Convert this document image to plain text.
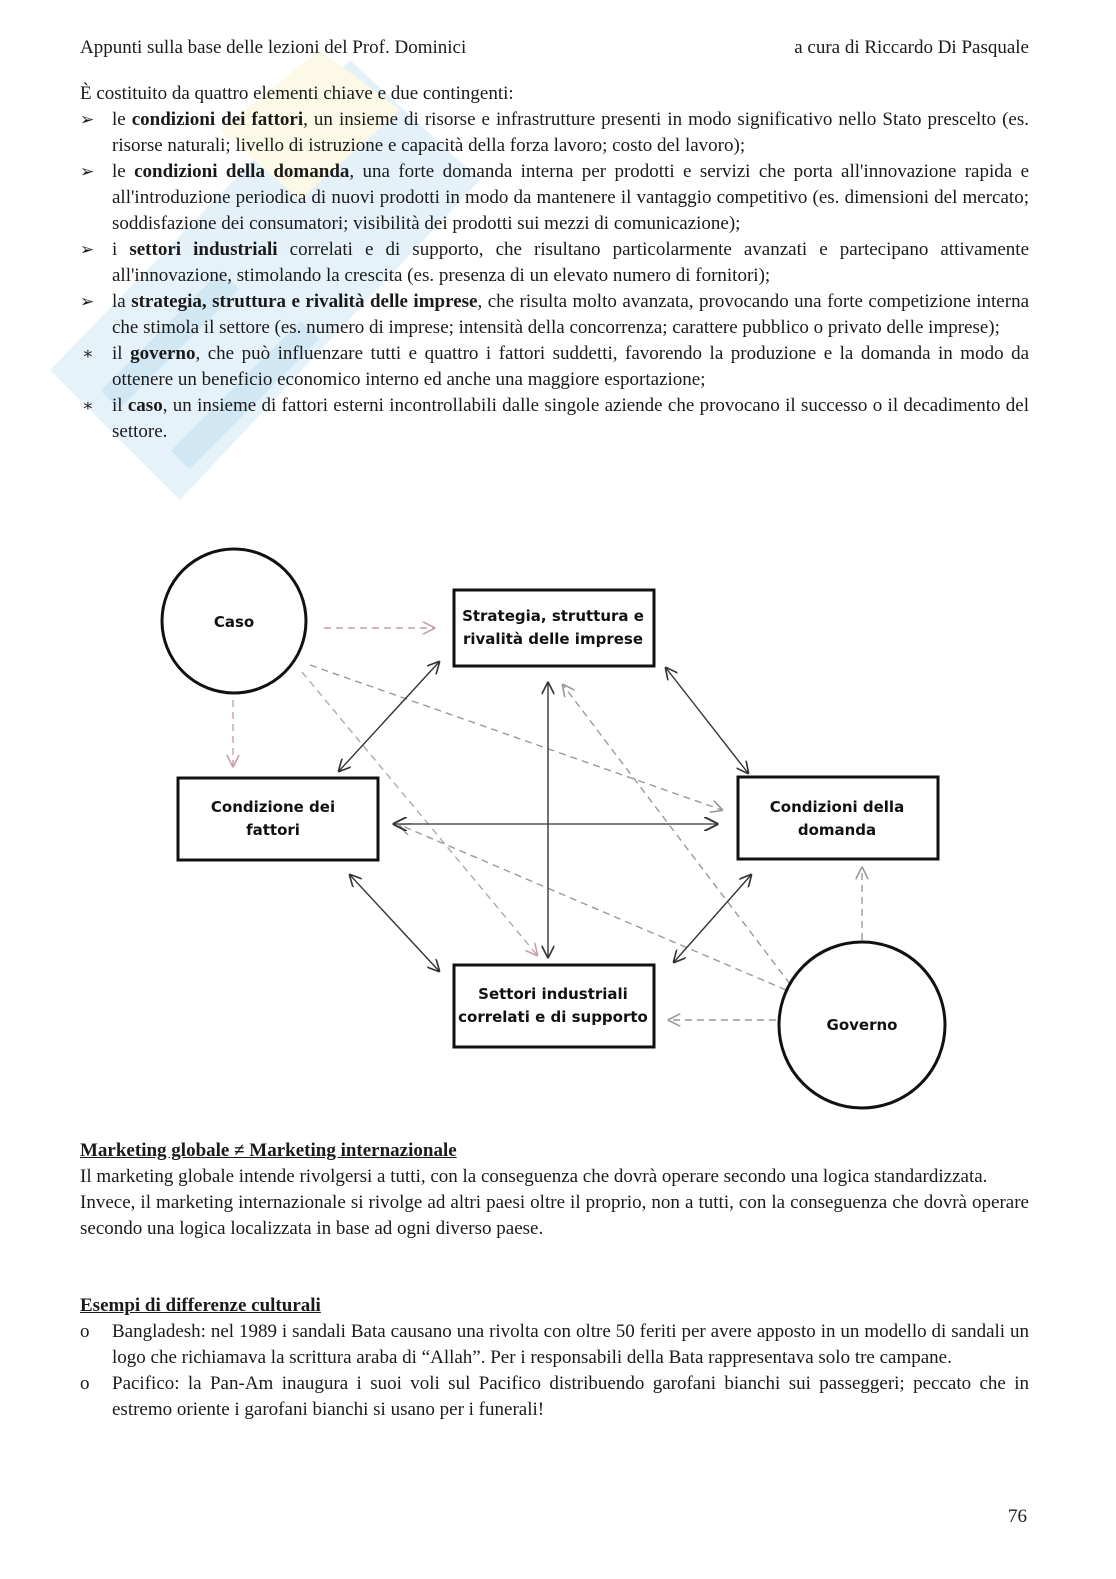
Appunti sulla base delle lezioni del Prof. Dominici	a cura di Riccardo Di Pasquale
È costituito da quattro elementi chiave e due contingenti:
➢ le condizioni dei fattori, un insieme di risorse e infrastrutture presenti in modo significativo nello Stato prescelto (es. risorse naturali; livello di istruzione e capacità della forza lavoro; costo del lavoro);
➢ le condizioni della domanda, una forte domanda interna per prodotti e servizi che porta all'innovazione rapida e all'introduzione periodica di nuovi prodotti in modo da mantenere il vantaggio competitivo (es. dimensioni del mercato; soddisfazione dei consumatori; visibilità dei prodotti sui mezzi di comunicazione);
➢ i settori industriali correlati e di supporto, che risultano particolarmente avanzati e partecipano attivamente all'innovazione, stimolando la crescita (es. presenza di un elevato numero di fornitori);
➢ la strategia, struttura e rivalità delle imprese, che risulta molto avanzata, provocando una forte competizione interna che stimola il settore (es. numero di imprese; intensità della concorrenza; carattere pubblico o privato delle imprese);
∗ il governo, che può influenzare tutti e quattro i fattori suddetti, favorendo la produzione e la domanda in modo da ottenere un beneficio economico interno ed anche una maggiore esportazione;
∗ il caso, un insieme di fattori esterni incontrollabili dalle singole aziende che provocano il successo o il decadimento del settore.
Caso	Strategia, struttura e
rivalità delle imprese
Condizione dei
fattori
Condizioni della
domanda
Settori industriali
correlati e di supporto	Governo
Marketing globale ≠ Marketing internazionale

Il marketing globale intende rivolgersi a tutti, con la conseguenza che dovrà operare secondo una logica standardizzata.

Invece, il marketing internazionale si rivolge ad altri paesi oltre il proprio, non a tutti, con la conseguenza che dovrà operare secondo una logica localizzata in base ad ogni diverso paese.

Esempi di differenze culturali
o Bangladesh: nel 1989 i sandali Bata causano una rivolta con oltre 50 feriti per avere apposto in un modello di sandali un logo che richiamava la scrittura araba di “Allah”. Per i responsabili della Bata rappresentava solo tre campane.
o Pacifico: la Pan-Am inaugura i suoi voli sul Pacifico distribuendo garofani bianchi sui passeggeri; peccato che in estremo oriente i garofani bianchi si usano per i funerali!
76
